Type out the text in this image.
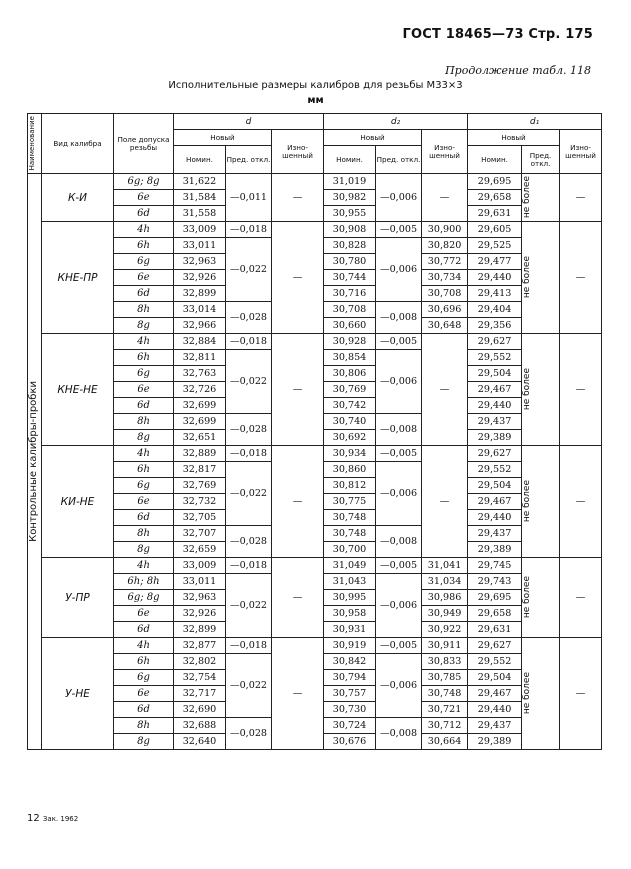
ГОСТ 18465—73 Стр. 175
Продолжение табл. 118
Исполнительные размеры калибров для резьбы М33×3
мм
Наименование	Вид калибра	Поле допуска резьбы	d			d₂			d₁		
			Новый		Изно-шенный	Новый		Изно-шенный	Новый		Изно-шенный
			Номин.	Пред. откл.		Номин.	Пред. откл.		Номин.	Пред. откл.	

Контрольные калибры-пробки	К-И	6g; 8g	31,622	—0,011	—	31,019	—0,006	—	29,695	не более	—
		6e	31,584			30,982			29,658		
		6d	31,558			30,955			29,631		
	КНЕ-ПР	4h	33,009	—0,018	—	30,908	—0,005	30,900	29,605	не более	—
		6h	33,011	—0,022		30,828	—0,006	30,820	29,525		
		6g	32,963			30,780		30,772	29,477		
		6e	32,926			30,744		30,734	29,440		
		6d	32,899			30,716		30,708	29,413		
		8h	33,014	—0,028		30,708	—0,008	30,696	29,404		
		8g	32,966			30,660		30,648	29,356		
	КНЕ-НЕ	4h	32,884	—0,018	—	30,928	—0,005	—	29,627	не более	—
		6h	32,811	—0,022		30,854	—0,006		29,552		
		6g	32,763			30,806			29,504		
		6e	32,726			30,769			29,467		
		6d	32,699			30,742			29,440		
		8h	32,699	—0,028		30,740	—0,008		29,437		
		8g	32,651			30,692			29,389		
	КИ-НЕ	4h	32,889	—0,018	—	30,934	—0,005	—	29,627	не более	—
		6h	32,817	—0,022		30,860	—0,006		29,552		
		6g	32,769			30,812			29,504		
		6e	32,732			30,775			29,467		
		6d	32,705			30,748			29,440		
		8h	32,707	—0,028		30,748	—0,008		29,437		
		8g	32,659			30,700			29,389		
	У-ПР	4h	33,009	—0,018	—	31,049	—0,005	31,041	29,745	не более	—
		6h; 8h	33,011	—0,022		31,043	—0,006	31,034	29,743		
		6g; 8g	32,963			30,995		30,986	29,695		
		6e	32,926			30,958		30,949	29,658		
		6d	32,899			30,931		30,922	29,631		
	У-НЕ	4h	32,877	—0,018	—	30,919	—0,005	30,911	29,627	не более	—
		6h	32,802	—0,022		30,842	—0,006	30,833	29,552		
		6g	32,754			30,794		30,785	29,504		
		6e	32,717			30,757		30,748	29,467		
		6d	32,690			30,730		30,721	29,440		
		8h	32,688	—0,028		30,724	—0,008	30,712	29,437		
		8g	32,640			30,676		30,664	29,389		
12 Зак. 1962
